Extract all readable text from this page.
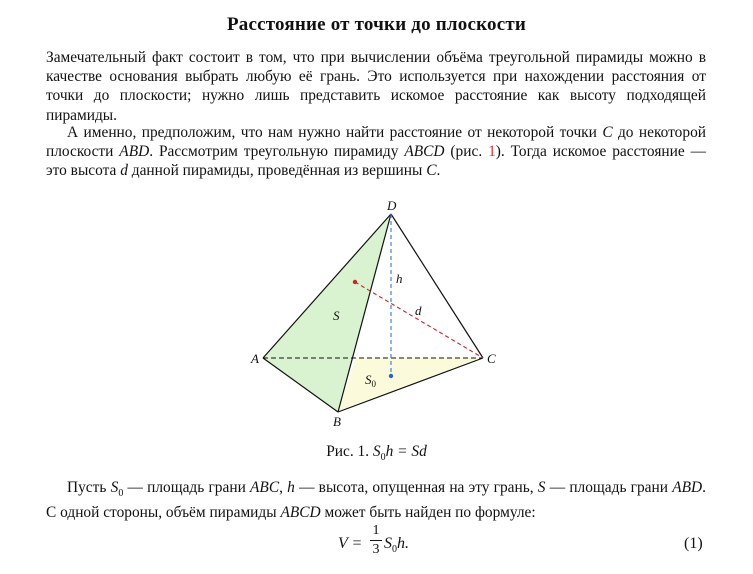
Расстояние от точки до плоскости

Замечательный факт состоит в том, что при вычислении объёма треугольной пирамиды можно в качестве основания выбрать любую её грань. Это используется при нахождении расстояния от точки до плоскости; нужно лишь представить искомое расстояние как высоту подходящей пирамиды.

А именно, предположим, что нам нужно найти расстояние от некоторой точки C до некоторой плоскости ABD. Рассмотрим треугольную пирамиду ABCD (рис. 1). Тогда искомое расстояние — это высота d данной пирамиды, проведённая из вершины C.

D
A	C
B
h
d
S
$S_0$
Рис. 1. $S_0h = Sd$

Пусть $S_0$ — площадь грани ABC, h — высота, опущенная на эту грань, S — площадь грани ABD. С одной стороны, объём пирамиды ABCD может быть найден по формуле:

V =
1
3 $S_0h$.	(1)
